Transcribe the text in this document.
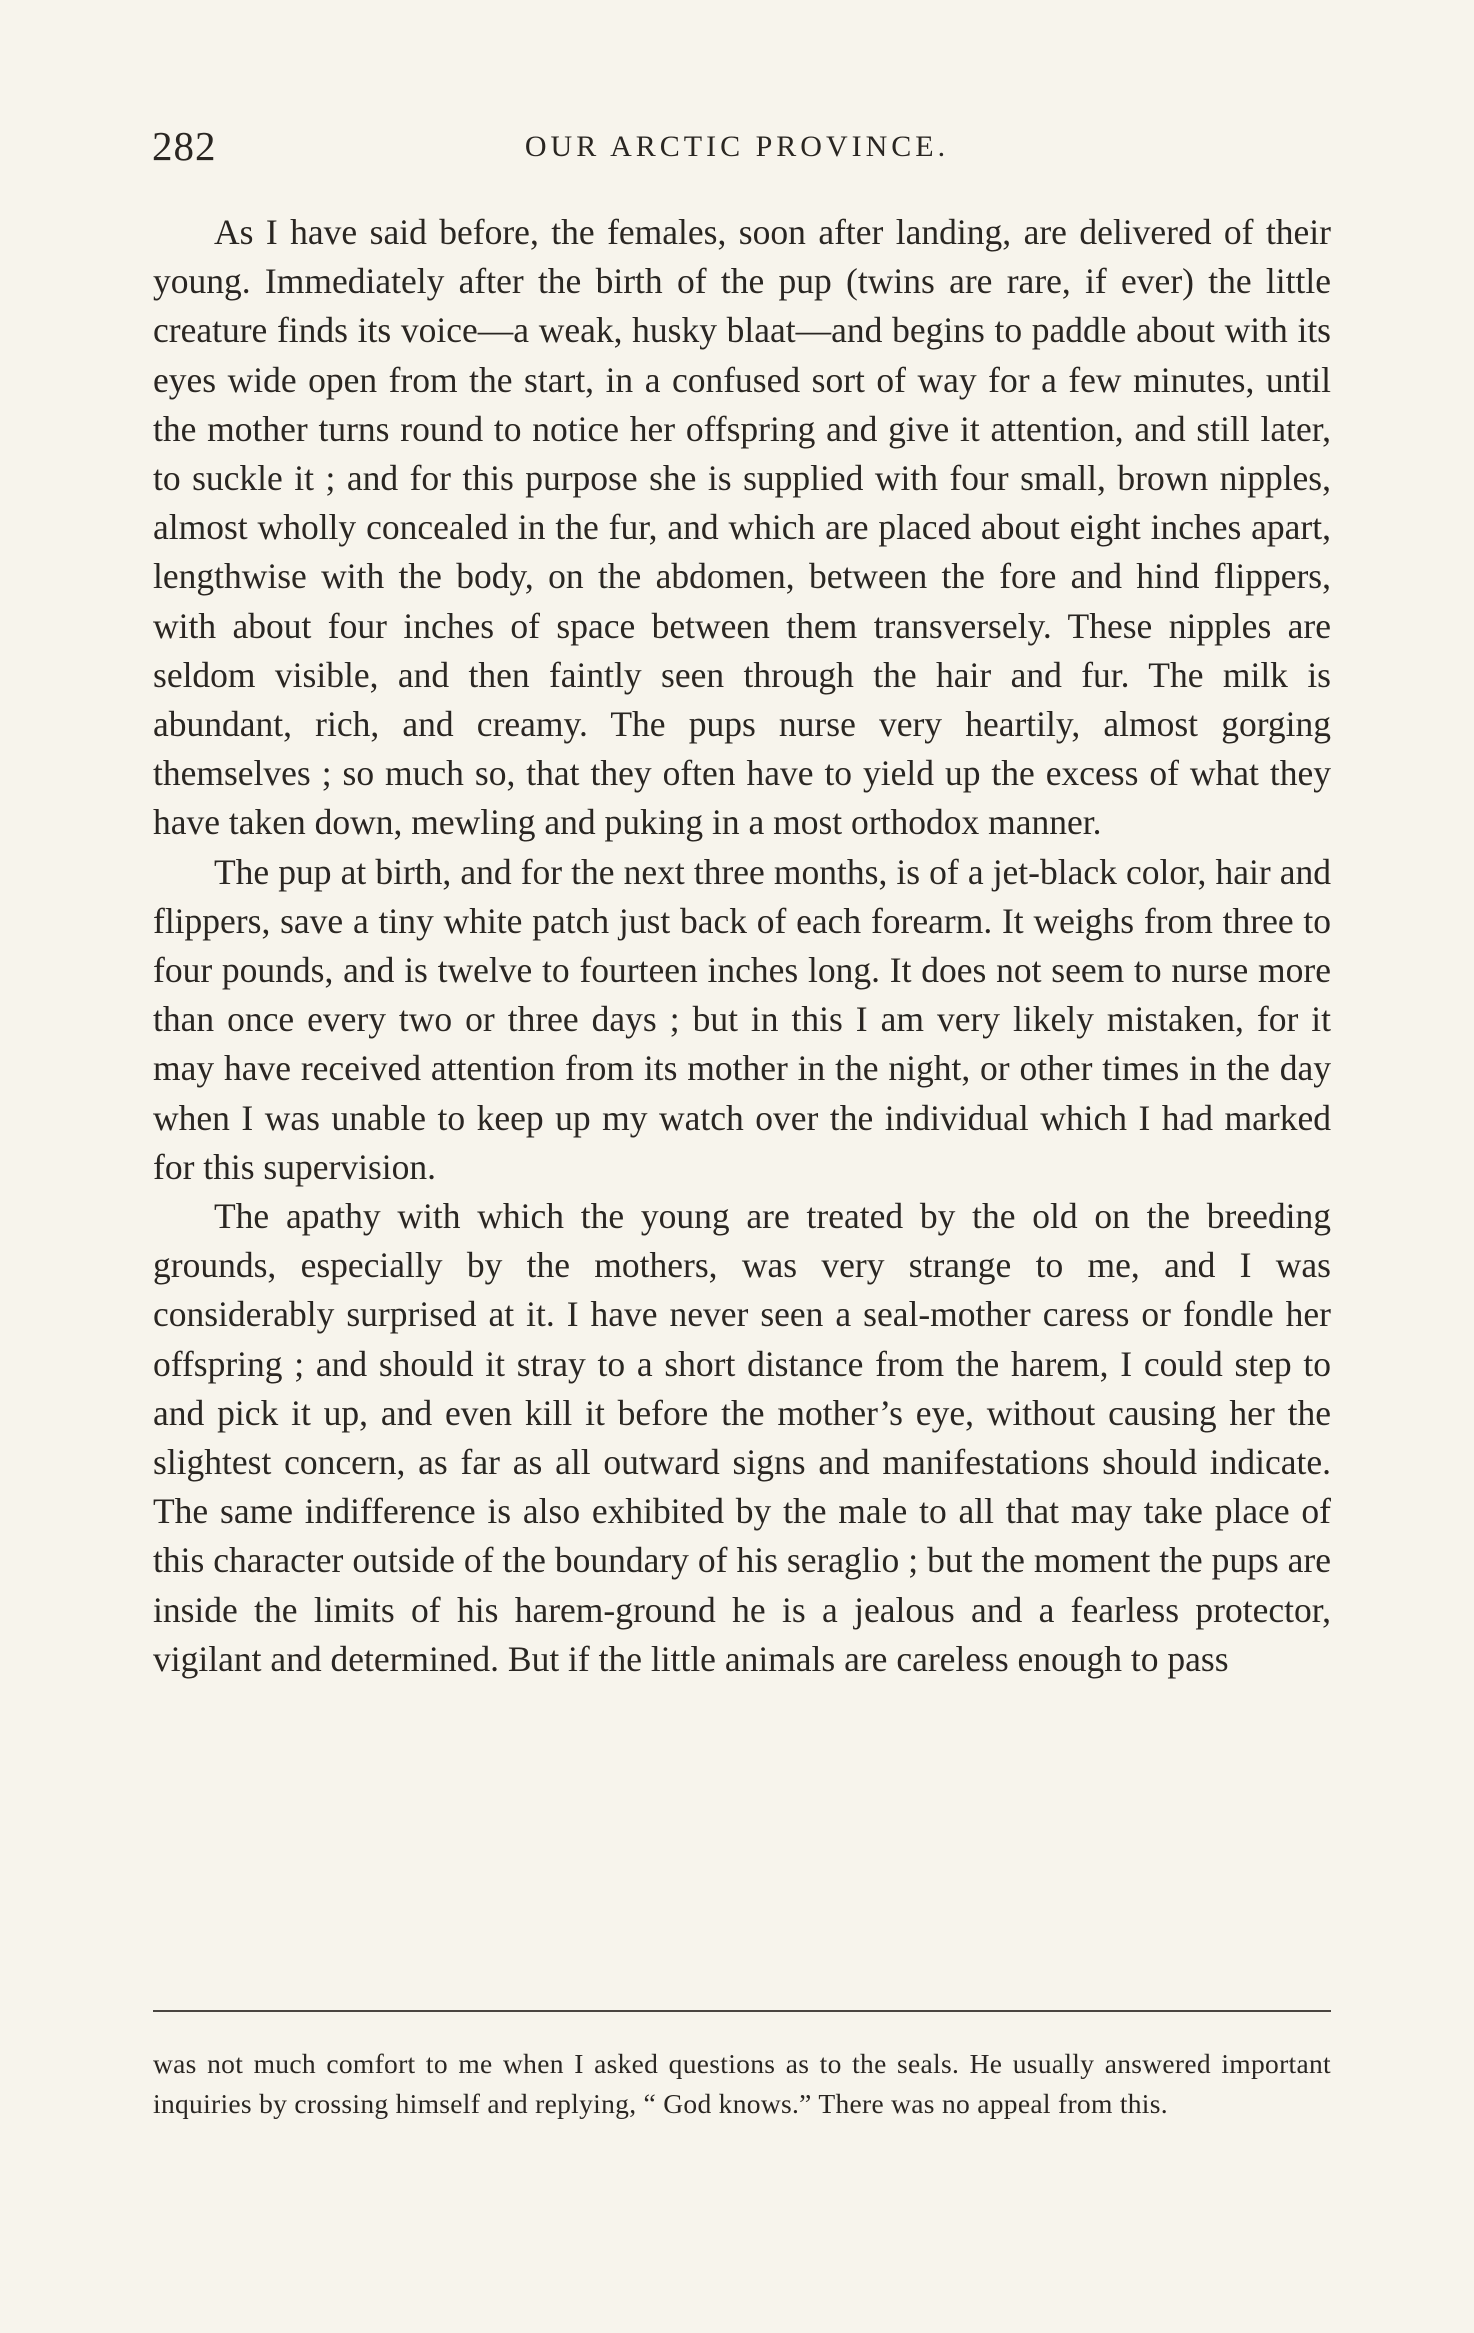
282	OUR ARCTIC PROVINCE.

As I have said before, the females, soon after landing, are delivered of their young. Immediately after the birth of the pup (twins are rare, if ever) the little creature finds its voice—a weak, husky blaat—and begins to paddle about with its eyes wide open from the start, in a confused sort of way for a few minutes, until the mother turns round to notice her offspring and give it attention, and still later, to suckle it ; and for this purpose she is supplied with four small, brown nipples, almost wholly concealed in the fur, and which are placed about eight inches apart, lengthwise with the body, on the abdomen, between the fore and hind flippers, with about four inches of space between them transversely. These nipples are seldom visible, and then faintly seen through the hair and fur. The milk is abundant, rich, and creamy. The pups nurse very heartily, almost gorging themselves ; so much so, that they often have to yield up the excess of what they have taken down, mewling and puking in a most orthodox manner.

The pup at birth, and for the next three months, is of a jet-black color, hair and flippers, save a tiny white patch just back of each forearm. It weighs from three to four pounds, and is twelve to fourteen inches long. It does not seem to nurse more than once every two or three days ; but in this I am very likely mistaken, for it may have received attention from its mother in the night, or other times in the day when I was unable to keep up my watch over the individual which I had marked for this supervision.

The apathy with which the young are treated by the old on the breeding grounds, especially by the mothers, was very strange to me, and I was considerably surprised at it. I have never seen a seal-mother caress or fondle her offspring ; and should it stray to a short distance from the harem, I could step to and pick it up, and even kill it before the mother’s eye, without causing her the slightest concern, as far as all outward signs and manifestations should indicate. The same indifference is also exhibited by the male to all that may take place of this character outside of the boundary of his seraglio ; but the moment the pups are inside the limits of his harem-ground he is a jealous and a fearless protector, vigilant and determined. But if the little animals are careless enough to pass

was not much comfort to me when I asked questions as to the seals. He usually answered important inquiries by crossing himself and replying, “ God knows.” There was no appeal from this.
